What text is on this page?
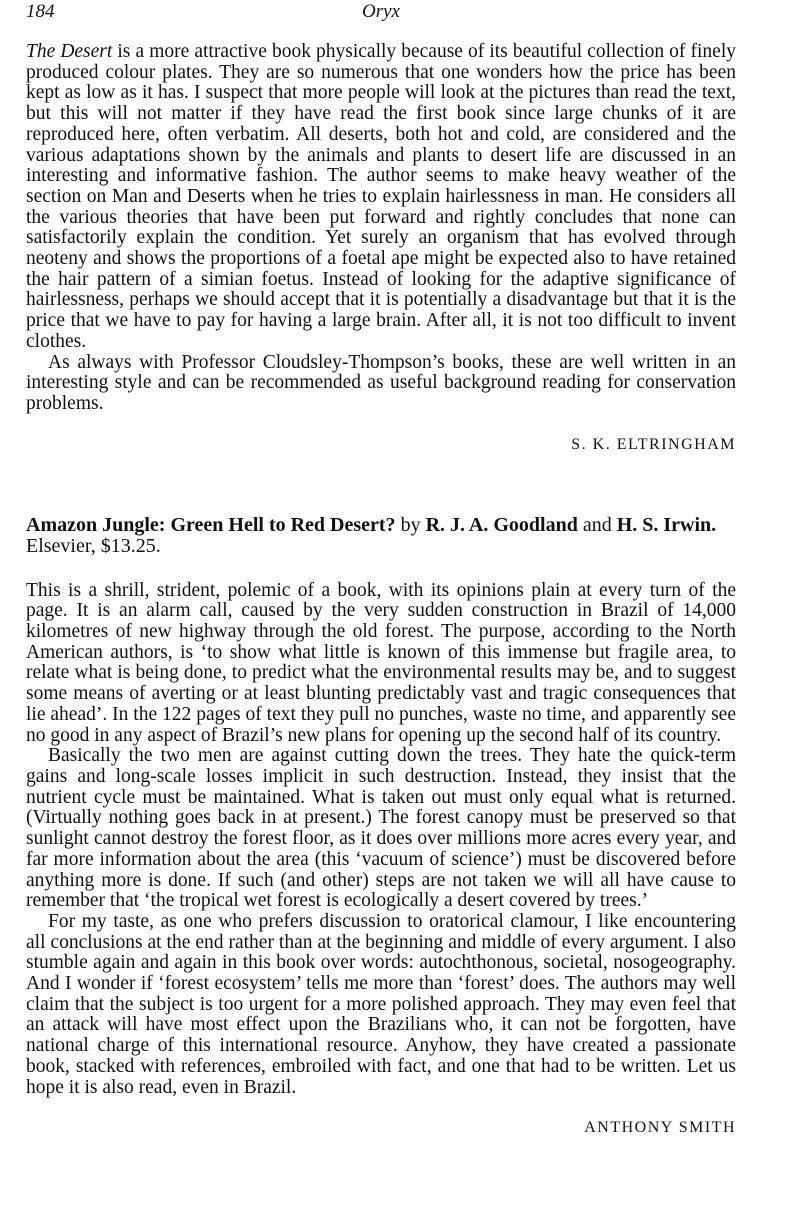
184	Oryx

The Desert is a more attractive book physically because of its beautiful collection of finely produced colour plates. They are so numerous that one wonders how the price has been kept as low as it has. I suspect that more people will look at the pictures than read the text, but this will not matter if they have read the first book since large chunks of it are reproduced here, often verbatim. All deserts, both hot and cold, are considered and the various adaptations shown by the animals and plants to desert life are discussed in an interesting and informative fashion. The author seems to make heavy weather of the section on Man and Deserts when he tries to explain hairlessness in man. He considers all the various theories that have been put forward and rightly concludes that none can satisfactorily explain the condition. Yet surely an organism that has evolved through neoteny and shows the proportions of a foetal ape might be expected also to have retained the hair pattern of a simian foetus. Instead of looking for the adaptive significance of hairlessness, perhaps we should accept that it is potentially a disadvantage but that it is the price that we have to pay for having a large brain. After all, it is not too difficult to invent clothes.

As always with Professor Cloudsley-Thompson’s books, these are well written in an interesting style and can be recommended as useful background reading for conservation problems.

S. K. ELTRINGHAM

Amazon Jungle: Green Hell to Red Desert? by R. J. A. Goodland and H. S. Irwin. Elsevier, $13.25.

This is a shrill, strident, polemic of a book, with its opinions plain at every turn of the page. It is an alarm call, caused by the very sudden construction in Brazil of 14,000 kilometres of new highway through the old forest. The purpose, according to the North American authors, is ‘to show what little is known of this immense but fragile area, to relate what is being done, to predict what the environmental results may be, and to suggest some means of averting or at least blunting predictably vast and tragic consequences that lie ahead’. In the 122 pages of text they pull no punches, waste no time, and apparently see no good in any aspect of Brazil’s new plans for opening up the second half of its country.

Basically the two men are against cutting down the trees. They hate the quick-term gains and long-scale losses implicit in such destruction. Instead, they insist that the nutrient cycle must be maintained. What is taken out must only equal what is returned. (Virtually nothing goes back in at present.) The forest canopy must be preserved so that sunlight cannot destroy the forest floor, as it does over millions more acres every year, and far more information about the area (this ‘vacuum of science’) must be discovered before anything more is done. If such (and other) steps are not taken we will all have cause to remember that ‘the tropical wet forest is ecologically a desert covered by trees.’

For my taste, as one who prefers discussion to oratorical clamour, I like encountering all conclusions at the end rather than at the beginning and middle of every argument. I also stumble again and again in this book over words: autochthonous, societal, nosogeography. And I wonder if ‘forest ecosystem’ tells me more than ‘forest’ does. The authors may well claim that the subject is too urgent for a more polished approach. They may even feel that an attack will have most effect upon the Brazilians who, it can not be forgotten, have national charge of this international resource. Anyhow, they have created a passionate book, stacked with references, embroiled with fact, and one that had to be written. Let us hope it is also read, even in Brazil.

ANTHONY SMITH
